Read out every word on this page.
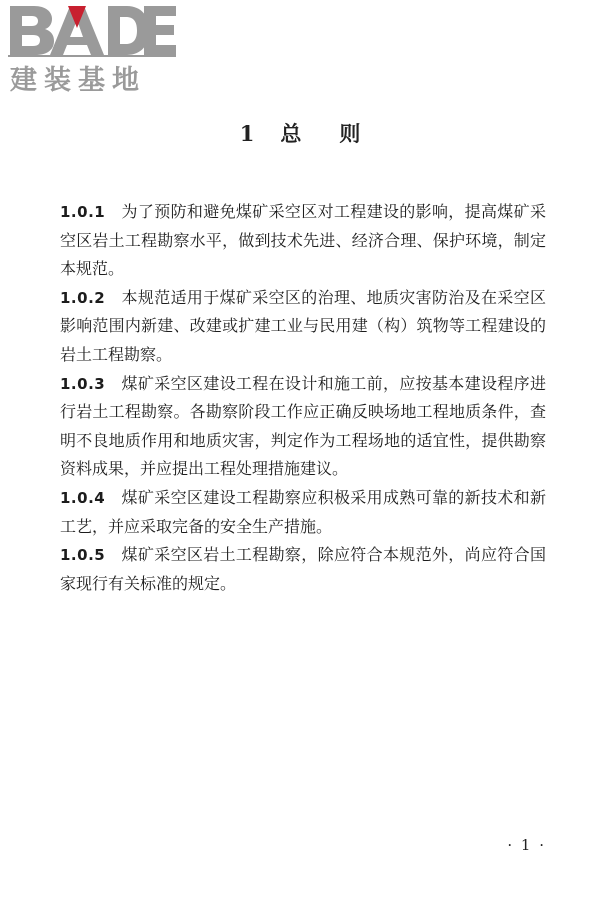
建装基地
1 总 则

1.0.1 为了预防和避免煤矿采空区对工程建设的影响，提高煤矿采空区岩土工程勘察水平，做到技术先进、经济合理、保护环境，制定本规范。

1.0.2 本规范适用于煤矿采空区的治理、地质灾害防治及在采空区影响范围内新建、改建或扩建工业与民用建（构）筑物等工程建设的岩土工程勘察。

1.0.3 煤矿采空区建设工程在设计和施工前，应按基本建设程序进行岩土工程勘察。各勘察阶段工作应正确反映场地工程地质条件，查明不良地质作用和地质灾害，判定作为工程场地的适宜性，提供勘察资料成果，并应提出工程处理措施建议。

1.0.4 煤矿采空区建设工程勘察应积极采用成熟可靠的新技术和新工艺，并应采取完备的安全生产措施。

1.0.5 煤矿采空区岩土工程勘察，除应符合本规范外，尚应符合国家现行有关标准的规定。

· 1 ·
